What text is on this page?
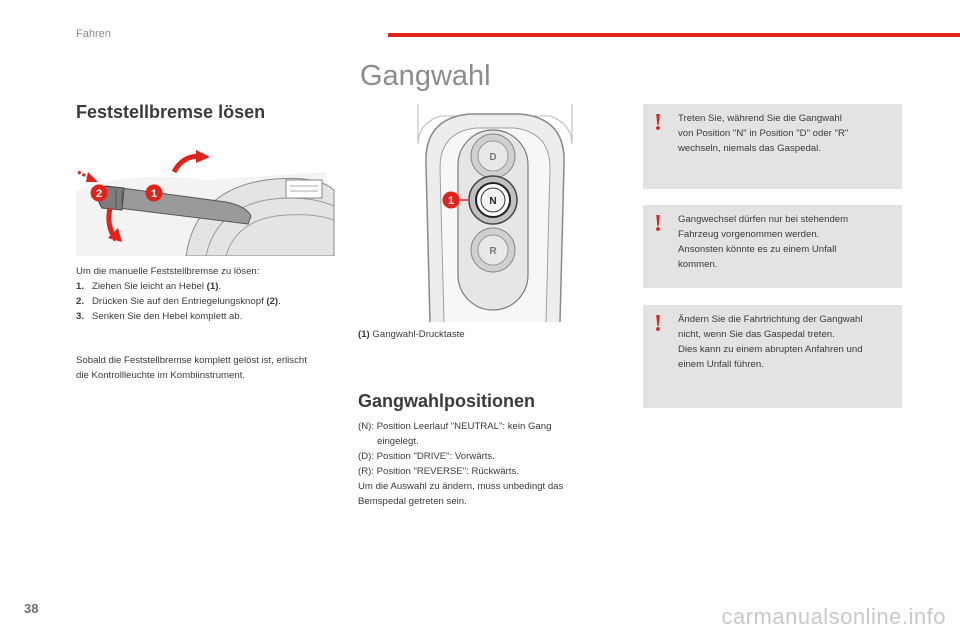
Fahren
Gangwahl
Feststellbremse lösen
2	1

Um die manuelle Feststellbremse zu lösen:

1. Ziehen Sie leicht an Hebel (1).
2. Drücken Sie auf den Entriegelungsknopf (2).
3. Senken Sie den Hebel komplett ab.

Sobald die Feststellbremse komplett gelöst ist, erlischt

die Kontrollleuchte im Kombiinstrument.

D
N
R
1
(1) Gangwahl-Drucktaste
Gangwahlpositionen

(N): Position Leerlauf "NEUTRAL": kein Gang

eingelegt.

(D): Position "DRIVE": Vorwärts.

(R): Position "REVERSE": Rückwärts.

Um die Auswahl zu ändern, muss unbedingt das

Bemspedal getreten sein.

! Treten Sie, während Sie die Gangwahl
von Position "N" in Position "D" oder "R"
wechseln, niemals das Gaspedal.
! Gangwechsel dürfen nur bei stehendem
Fahrzeug vorgenommen werden.
Ansonsten könnte es zu einem Unfall
kommen.
! Ändern Sie die Fahrtrichtung der Gangwahl
nicht, wenn Sie das Gaspedal treten.
Dies kann zu einem abrupten Anfahren und
einem Unfall führen.
38	carmanualsonline.info
